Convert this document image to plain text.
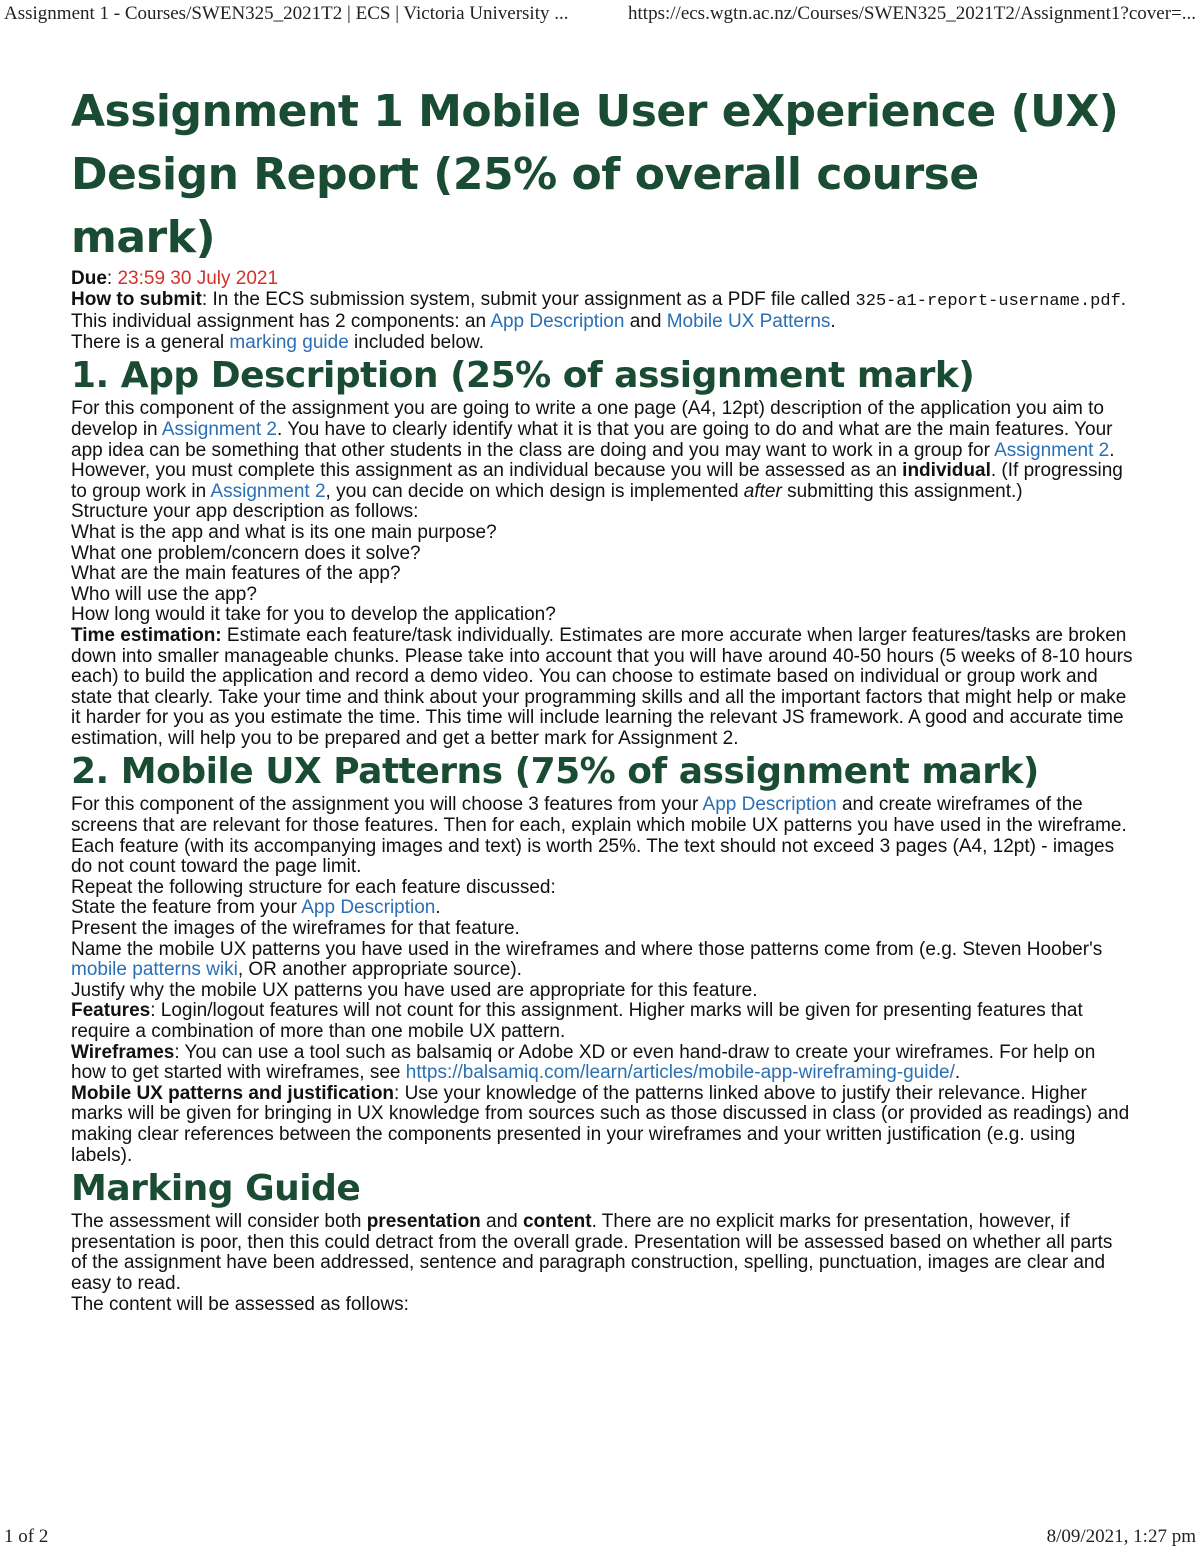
Assignment 1 - Courses/SWEN325_2021T2 | ECS | Victoria University ...	https://ecs.wgtn.ac.nz/Courses/SWEN325_2021T2/Assignment1?cover=...
Assignment 1 Mobile User eXperience (UX) Design Report (25% of overall course mark)

Due: 23:59 30 July 2021

How to submit: In the ECS submission system, submit your assignment as a PDF file called 325-a1-report-username.pdf.

This individual assignment has 2 components: an App Description and Mobile UX Patterns.

There is a general marking guide included below.

1. App Description (25% of assignment mark)

For this component of the assignment you are going to write a one page (A4, 12pt) description of the application you aim to develop in Assignment 2. You have to clearly identify what it is that you are going to do and what are the main features. Your app idea can be something that other students in the class are doing and you may want to work in a group for Assignment 2. However, you must complete this assignment as an individual because you will be assessed as an individual. (If progressing to group work in Assignment 2, you can decide on which design is implemented after submitting this assignment.)

Structure your app description as follows:

What is the app and what is its one main purpose?

What one problem/concern does it solve?

What are the main features of the app?

Who will use the app?

How long would it take for you to develop the application?

Time estimation: Estimate each feature/task individually. Estimates are more accurate when larger features/tasks are broken down into smaller manageable chunks. Please take into account that you will have around 40-50 hours (5 weeks of 8-10 hours each) to build the application and record a demo video. You can choose to estimate based on individual or group work and state that clearly. Take your time and think about your programming skills and all the important factors that might help or make it harder for you as you estimate the time. This time will include learning the relevant JS framework. A good and accurate time estimation, will help you to be prepared and get a better mark for Assignment 2.

2. Mobile UX Patterns (75% of assignment mark)

For this component of the assignment you will choose 3 features from your App Description and create wireframes of the screens that are relevant for those features. Then for each, explain which mobile UX patterns you have used in the wireframe. Each feature (with its accompanying images and text) is worth 25%. The text should not exceed 3 pages (A4, 12pt) - images do not count toward the page limit.

Repeat the following structure for each feature discussed:

State the feature from your App Description.

Present the images of the wireframes for that feature.

Name the mobile UX patterns you have used in the wireframes and where those patterns come from (e.g. Steven Hoober's mobile patterns wiki, OR another appropriate source).

Justify why the mobile UX patterns you have used are appropriate for this feature.

Features: Login/logout features will not count for this assignment. Higher marks will be given for presenting features that require a combination of more than one mobile UX pattern.

Wireframes: You can use a tool such as balsamiq or Adobe XD or even hand-draw to create your wireframes. For help on how to get started with wireframes, see https://balsamiq.com/learn/articles/mobile-app-wireframing-guide/.

Mobile UX patterns and justification: Use your knowledge of the patterns linked above to justify their relevance. Higher marks will be given for bringing in UX knowledge from sources such as those discussed in class (or provided as readings) and making clear references between the components presented in your wireframes and your written justification (e.g. using labels).

Marking Guide

The assessment will consider both presentation and content. There are no explicit marks for presentation, however, if presentation is poor, then this could detract from the overall grade. Presentation will be assessed based on whether all parts of the assignment have been addressed, sentence and paragraph construction, spelling, punctuation, images are clear and easy to read.

The content will be assessed as follows:

1 of 2	8/09/2021, 1:27 pm
